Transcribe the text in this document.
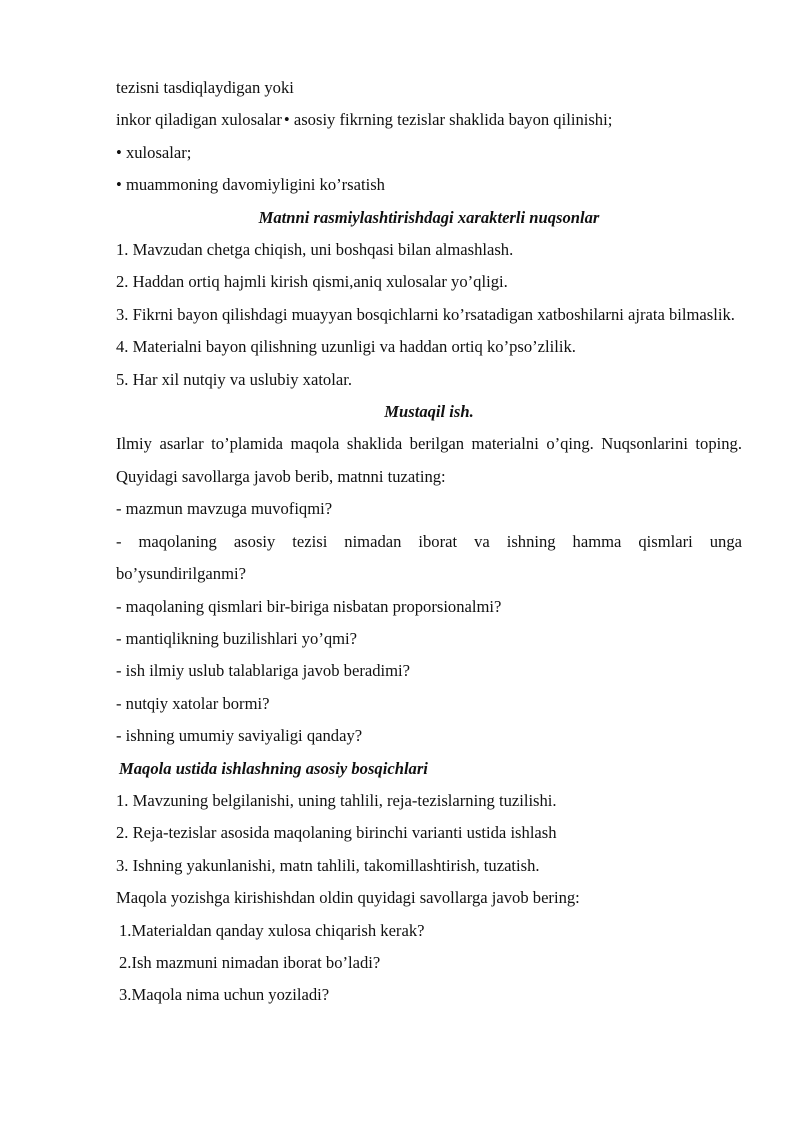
tezisni tasdiqlaydigan yoki

inkor qiladigan xulosalar • asosiy fikrning tezislar shaklida bayon qilinishi;

• xulosalar;

• muammoning davomiyligini ko’rsatish

Matnni rasmiylashtirishdagi xarakterli nuqsonlar

1. Mavzudan chetga chiqish, uni boshqasi bilan almashlash.

2. Haddan ortiq hajmli kirish qismi,aniq xulosalar yo’qligi.

3. Fikrni bayon qilishdagi muayyan bosqichlarni ko’rsatadigan xatboshilarni ajrata bilmaslik.

4. Materialni bayon qilishning uzunligi va haddan ortiq ko’pso’zlilik.

5. Har xil nutqiy va uslubiy xatolar.

Mustaqil ish.

Ilmiy asarlar to’plamida maqola shaklida berilgan materialni o’qing. Nuqsonlarini toping. Quyidagi savollarga javob berib, matnni tuzating:

- mazmun mavzuga muvofiqmi?

- maqolaning asosiy tezisi nimadan iborat va ishning hamma qismlari unga bo’ysundirilganmi?

- maqolaning qismlari bir-biriga nisbatan proporsionalmi?

- mantiqlikning buzilishlari yo’qmi?

- ish ilmiy uslub talablariga javob beradimi?

- nutqiy xatolar bormi?

- ishning umumiy saviyaligi qanday?

Maqola ustida ishlashning asosiy bosqichlari

1. Mavzuning belgilanishi, uning tahlili, reja-tezislarning tuzilishi.

2. Reja-tezislar asosida maqolaning birinchi varianti ustida ishlash

3. Ishning yakunlanishi, matn tahlili, takomillashtirish, tuzatish.

Maqola yozishga kirishishdan oldin quyidagi savollarga javob bering:

1.Materialdan qanday xulosa chiqarish kerak?

2.Ish mazmuni nimadan iborat bo’ladi?

3.Maqola nima uchun yoziladi?
